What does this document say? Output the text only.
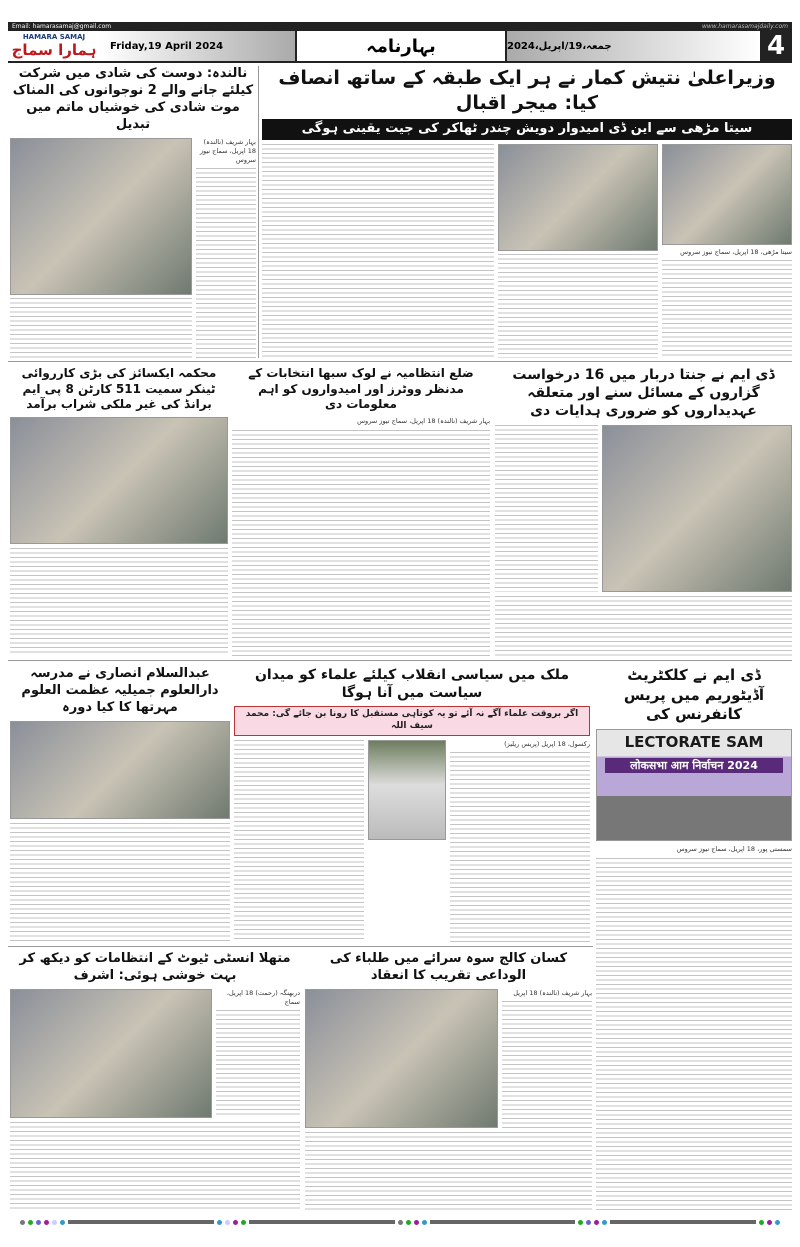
Email: hamarasamaj@gmail.com	www.hamarasamajdaily.com
HAMARA SAMAJ
ہمارا سماج	Friday,19 April 2024	بہارنامہ	جمعہ،19/اپریل،2024	4
وزیراعلیٰ نتیش کمار نے ہر ایک طبقہ کے ساتھ انصاف کیا: میجر اقبال
سیتا مڑھی سے این ڈی امیدوار دویش چندر ٹھاکر کی جیت یقینی ہوگی
سیتا مڑھی، 18 اپریل، سماج نیوز سروس
نالندہ: دوست کی شادی میں شرکت کیلئے جانے والے 2 نوجوانوں کی المناک موت شادی کی خوشیاں ماتم میں تبدیل
بہار شریف (نالندہ) 18 اپریل، سماج نیوز سروس
محکمہ ایکسائز کی بڑی کارروائی ٹینکر سمیت 511 کارٹن 8 پی ایم برانڈ کی غیر ملکی شراب برآمد
ضلع انتظامیہ نے لوک سبھا انتخابات کے مدنظر ووٹرز اور امیدواروں کو اہم معلومات دی
بہار شریف (نالندہ) 18 اپریل، سماج نیوز سروس
ڈی ایم نے جنتا دربار میں 16 درخواست گزاروں کے مسائل سنے اور متعلقہ عہدیداروں کو ضروری ہدایات دی
عبدالسلام انصاری نے مدرسہ دارالعلوم جمیلیہ عظمت العلوم مہرتھا کا کیا دورہ
ملک میں سیاسی انقلاب کیلئے علماء کو میدان سیاست میں آنا ہوگا
اگر بروقت علماء آگے نہ آئے تو یہ کوتاہی مستقبل کا رونا بن جائے گی: محمد سیف اللہ
رکسول، 18 اپریل (پریس ریلیز)
ڈی ایم نے کلکٹریٹ آڈیٹوریم میں پریس کانفرنس کی
LECTORATE SAM
लोकसभा आम निर्वाचन 2024
سمستی پور، 18 اپریل، سماج نیوز سروس
متھلا انسٹی ٹیوٹ کے انتظامات کو دیکھ کر بہت خوشی ہوئی: اشرف
دربھنگہ (رحمت) 18 اپریل، سماج
کسان کالج سوہ سرائے میں طلباء کی الوداعی تقریب کا انعقاد
بہار شریف (نالندہ) 18 اپریل
